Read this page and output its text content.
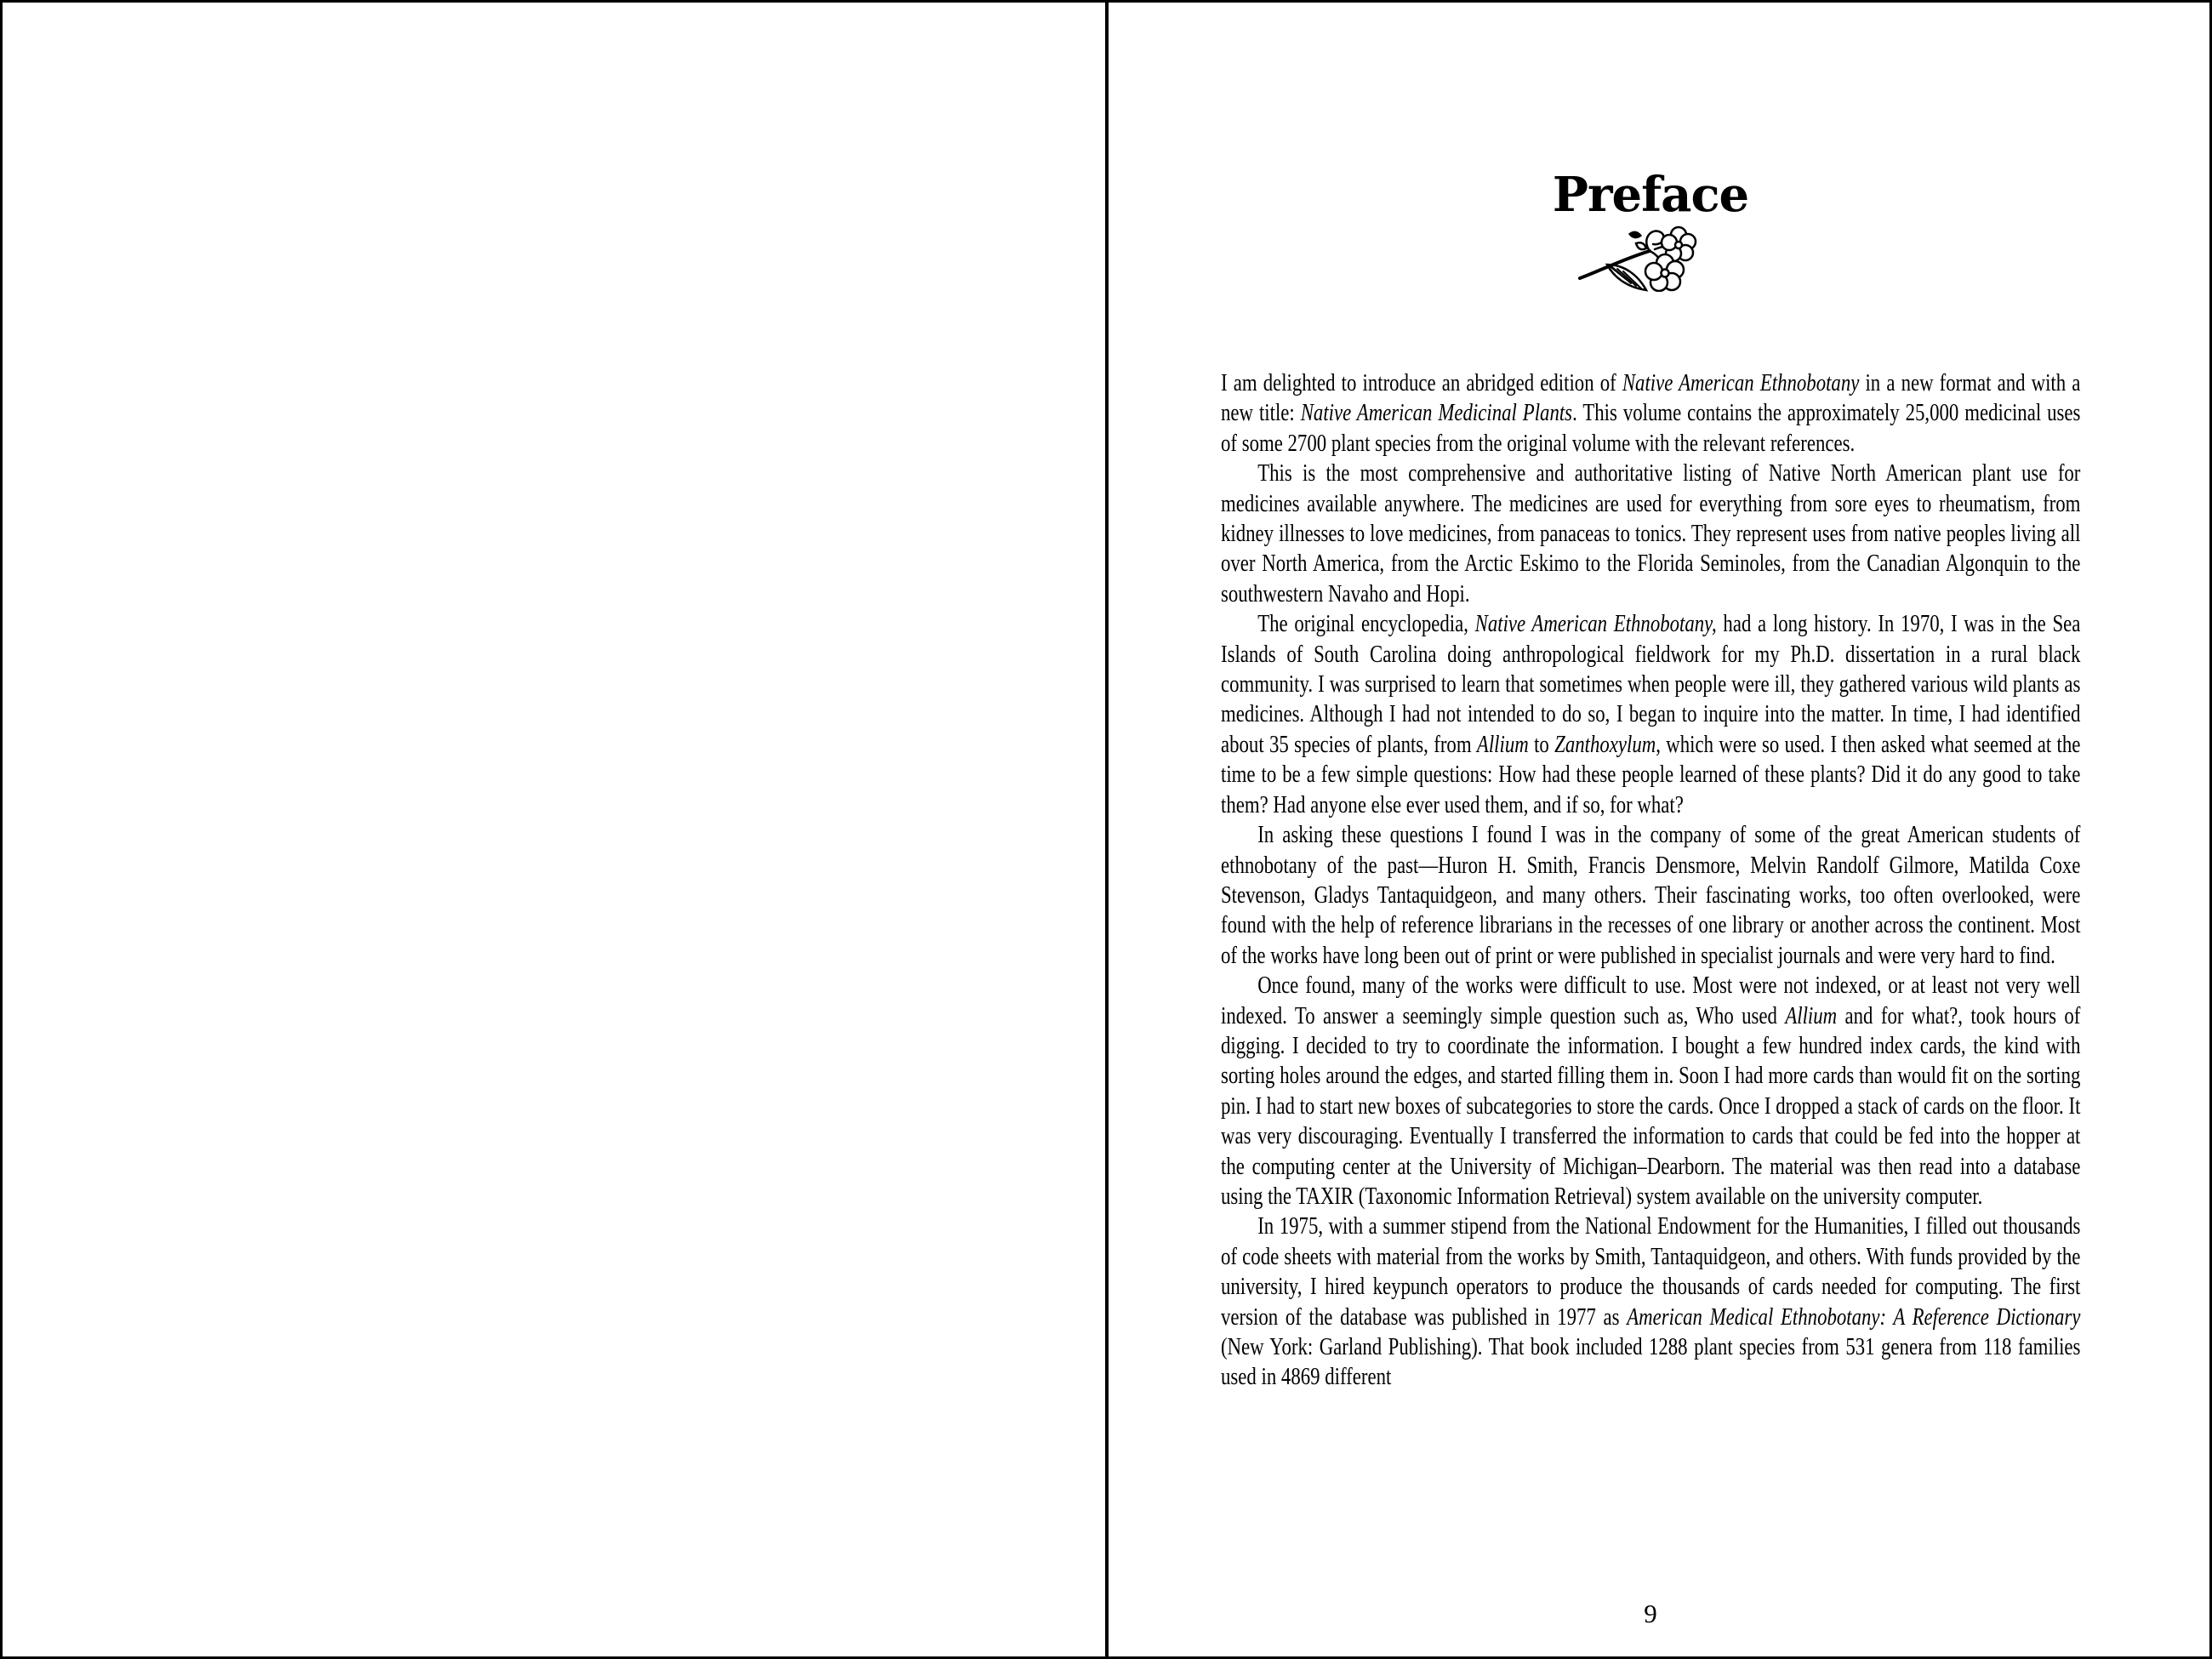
Preface

I am delighted to introduce an abridged edition of Native American Ethnobotany in a new format and with a new title: Native American Medicinal Plants. This volume contains the approximately 25,000 medicinal uses of some 2700 plant species from the original volume with the relevant references.

This is the most comprehensive and authoritative listing of Native North American plant use for medicines available anywhere. The medicines are used for everything from sore eyes to rheumatism, from kidney illnesses to love medicines, from panaceas to tonics. They represent uses from native peoples living all over North America, from the Arctic Eskimo to the Florida Seminoles, from the Canadian Algonquin to the southwestern Navaho and Hopi.

The original encyclopedia, Native American Ethnobotany, had a long history. In 1970, I was in the Sea Islands of South Carolina doing anthropological fieldwork for my Ph.D. dissertation in a rural black community. I was surprised to learn that sometimes when people were ill, they gathered various wild plants as medicines. Although I had not intended to do so, I began to inquire into the matter. In time, I had identified about 35 species of plants, from Allium to Zanthoxylum, which were so used. I then asked what seemed at the time to be a few simple questions: How had these people learned of these plants? Did it do any good to take them? Had anyone else ever used them, and if so, for what?

In asking these questions I found I was in the company of some of the great American students of ethnobotany of the past—Huron H. Smith, Francis Densmore, Melvin Randolf Gilmore, Matilda Coxe Stevenson, Gladys Tantaquidgeon, and many others. Their fascinating works, too often overlooked, were found with the help of reference librarians in the recesses of one library or another across the continent. Most of the works have long been out of print or were published in specialist journals and were very hard to find.

Once found, many of the works were difficult to use. Most were not indexed, or at least not very well indexed. To answer a seemingly simple question such as, Who used Allium and for what?, took hours of digging. I decided to try to coordinate the information. I bought a few hundred index cards, the kind with sorting holes around the edges, and started filling them in. Soon I had more cards than would fit on the sorting pin. I had to start new boxes of subcategories to store the cards. Once I dropped a stack of cards on the floor. It was very discouraging. Eventually I transferred the information to cards that could be fed into the hopper at the computing center at the University of Michigan–Dearborn. The material was then read into a database using the TAXIR (Taxonomic Information Retrieval) system available on the university computer.

In 1975, with a summer stipend from the National Endowment for the Humanities, I filled out thousands of code sheets with material from the works by Smith, Tantaquidgeon, and others. With funds provided by the university, I hired keypunch operators to produce the thousands of cards needed for computing. The first version of the database was published in 1977 as American Medical Ethnobotany: A Reference Dictionary (New York: Garland Publishing). That book included 1288 plant species from 531 genera from 118 families used in 4869 different

9
